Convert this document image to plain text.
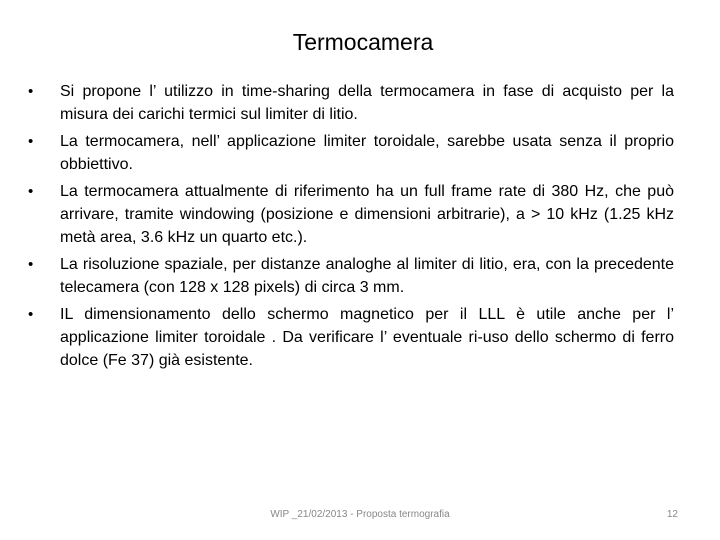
Termocamera
•	Si propone l’ utilizzo in time-sharing della termocamera in fase di acquisto per la misura dei carichi termici sul limiter di litio.
•	La termocamera, nell’ applicazione limiter toroidale, sarebbe usata senza il proprio obbiettivo.
•	La termocamera attualmente di riferimento ha un full frame rate di 380 Hz, che può arrivare, tramite windowing (posizione e dimensioni arbitrarie), a > 10 kHz (1.25 kHz metà area, 3.6 kHz un quarto etc.).
•	La risoluzione spaziale, per distanze analoghe al limiter di litio, era, con la precedente telecamera (con 128 x 128 pixels) di circa 3 mm.
•	IL dimensionamento dello schermo magnetico per il LLL è utile anche per l’ applicazione limiter toroidale . Da verificare l’ eventuale ri-uso dello schermo di ferro dolce (Fe 37) già esistente.
WIP _21/02/2013 - Proposta termografia	12
